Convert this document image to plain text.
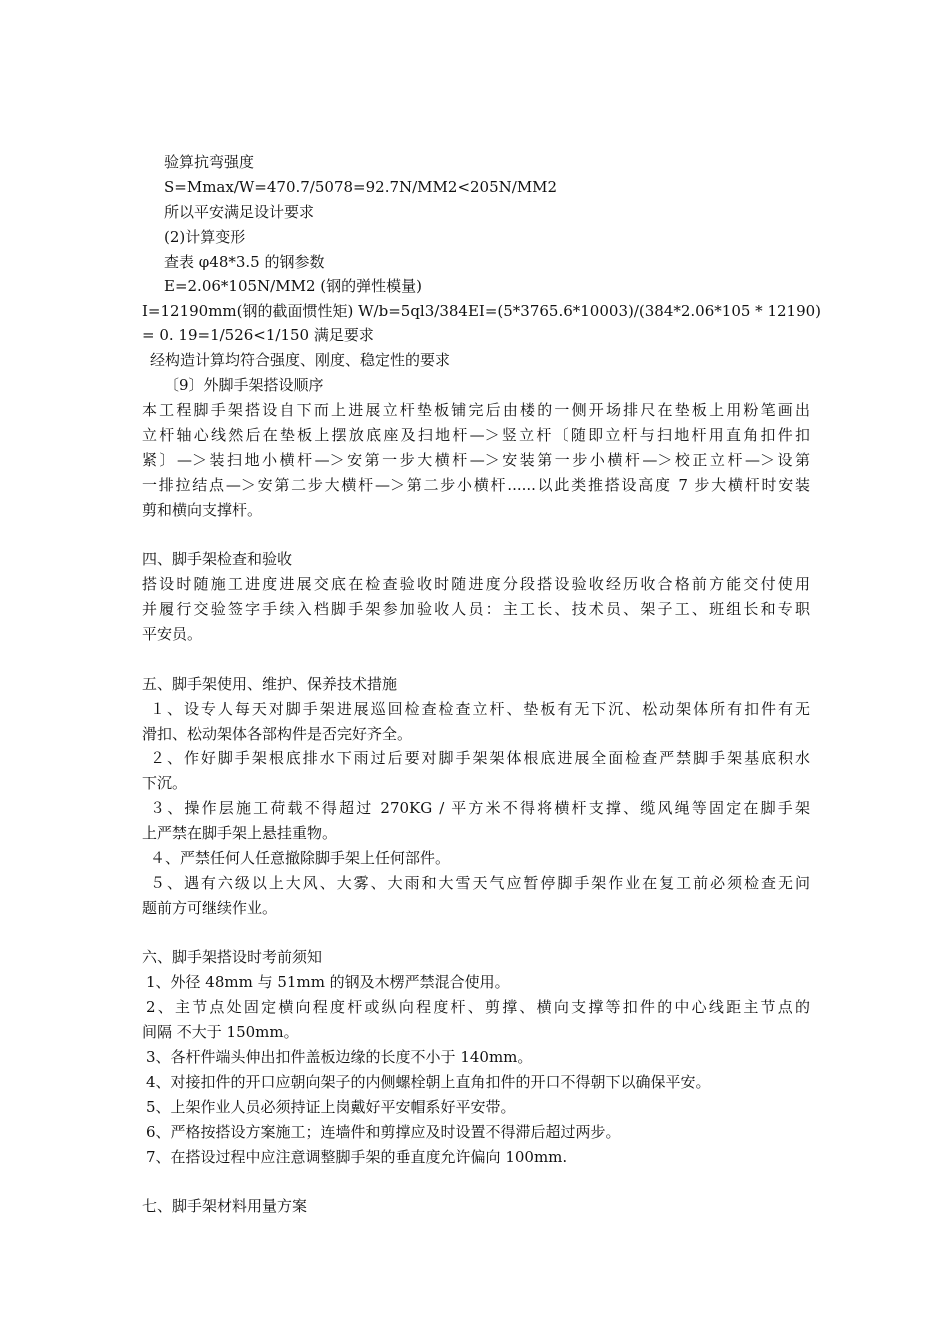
验算抗弯强度
S=Mmax/W=470.7/5078=92.7N/MM2<205N/MM2
所以平安满足设计要求
(2)计算变形
查表 φ48*3.5 的钢参数
E=2.06*105N/MM2 (钢的弹性模量)
I=12190mm(钢的截面惯性矩) W/b=5ql3/384EI=(5*3765.6*10003)/(384*2.06*105 * 12190)
= 0. 19=1/526<1/150 满足要求
经构造计算均符合强度、刚度、稳定性的要求
〔9〕外脚手架搭设顺序
本工程脚手架搭设自下而上进展立杆垫板铺完后由楼的一侧开场排尺在垫板上用粉笔画出
立杆轴心线然后在垫板上摆放底座及扫地杆—＞竖立杆〔随即立杆与扫地杆用直角扣件扣
紧〕—＞装扫地小横杆—＞安第一步大横杆—＞安装第一步小横杆—＞校正立杆—＞设第
一排拉结点—＞安第二步大横杆—＞第二步小横杆......以此类推搭设高度 7 步大横杆时安装
剪和横向支撑杆。
四、脚手架检查和验收
搭设时随施工进度进展交底在检查验收时随进度分段搭设验收经历收合格前方能交付使用
并履行交验签字手续入档脚手架参加验收人员：主工长、技术员、架子工、班组长和专职
平安员。
五、脚手架使用、维护、保养技术措施
１、设专人每天对脚手架进展巡回检查检查立杆、垫板有无下沉、松动架体所有扣件有无
滑扣、松动架体各部构件是否完好齐全。
２、作好脚手架根底排水下雨过后要对脚手架架体根底进展全面检查严禁脚手架基底积水
下沉。
３、操作层施工荷载不得超过 270KG / 平方米不得将横杆支撑、缆风绳等固定在脚手架
上严禁在脚手架上悬挂重物。
４、严禁任何人任意撤除脚手架上任何部件。
５、遇有六级以上大风、大雾、大雨和大雪天气应暂停脚手架作业在复工前必须检查无问
题前方可继续作业。
六、脚手架搭设时考前须知
1、外径 48mm 与 51mm 的钢及木楞严禁混合使用。
2、主节点处固定横向程度杆或纵向程度杆、剪撑、横向支撑等扣件的中心线距主节点的
间隔 不大于 150mm。
3、各杆件端头伸出扣件盖板边缘的长度不小于 140mm。
4、对接扣件的开口应朝向架子的内侧螺栓朝上直角扣件的开口不得朝下以确保平安。
5、上架作业人员必须持证上岗戴好平安帽系好平安带。
6、严格按搭设方案施工；连墙件和剪撑应及时设置不得滞后超过两步。
7、在搭设过程中应注意调整脚手架的垂直度允许偏向 100mm.
七、脚手架材料用量方案
